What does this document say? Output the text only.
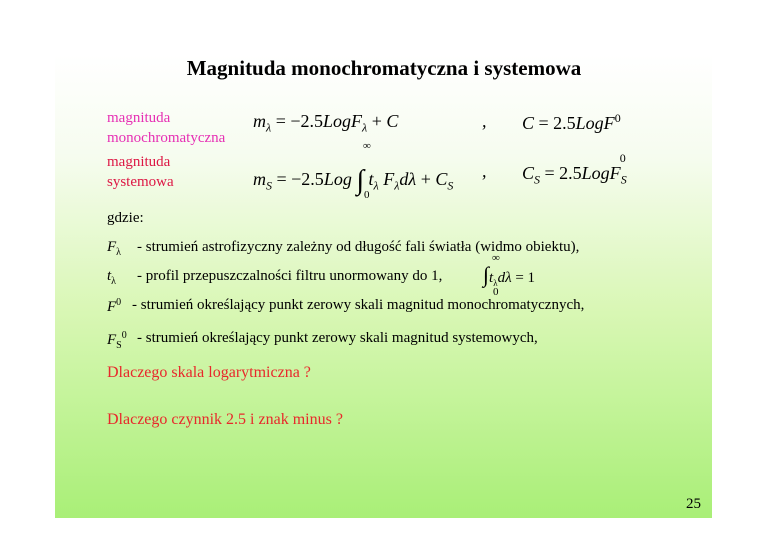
Magnituda monochromatyczna i systemowa
magnituda
monochromatyczna
magnituda
systemowa
$m_\lambda$ = −2.5LogF$_\lambda$ + C	, C = 2.5LogF$^0$
∞
$m_S = -2.5Log$ ∫ $t_\lambda$ $F_\lambda d\lambda + C_S$
0
, $C_S$ = 2.5LogF$_S^0$
gdzie:
$F_\lambda$ - strumień astrofizyczny zależny od długość fali światła (widmo obiektu),
$t_\lambda$ - profil przepuszczalności filtru unormowany do 1,
∞
$\int t_\lambda d\lambda = 1$
0
$F^0$ - strumień określający punkt zerowy skali magnitud monochromatycznych,
$F_S^0$ - strumień określający punkt zerowy skali magnitud systemowych,
Dlaczego skala logarytmiczna ?
Dlaczego czynnik 2.5 i znak minus ?
25
